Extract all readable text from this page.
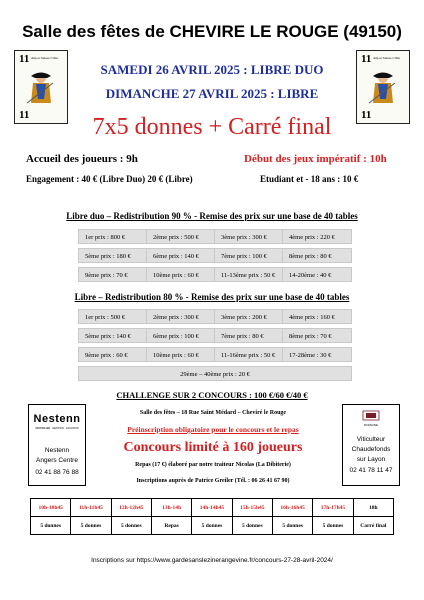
Salle des fêtes de CHEVIRE LE ROUGE (49150)
11 Anjou Suisse Cible
11
11 Anjou Suisse Cible
11
SAMEDI 26 AVRIL 2025 : LIBRE DUO
DIMANCHE 27 AVRIL 2025 : LIBRE
7x5 donnes + Carré final
Accueil des joueurs : 9h	Début des jeux impératif : 10h
Engagement : 40 € (Libre Duo) 20 € (Libre)	Etudiant et - 18 ans : 10 €
Libre duo – Redistribution 90 % - Remise des prix sur une base de 40 tables
1er prix : 800 €	2ème prix : 500 €	3ème prix : 300 €	4ème prix : 220 €
5ème prix : 180 €	6ème prix : 140 €	7ème prix : 100 €	8ème prix : 80 €
9ème prix : 70 €	10ème prix : 60 €	11-13ème prix : 50 €	14-20ème : 40 €
Libre – Redistribution 80 % - Remise des prix sur une base de 40 tables
1er prix : 500 €	2ème prix : 300 €	3ème prix : 200 €	4ème prix : 160 €
5ème prix : 140 €	6ème prix : 100 €	7ème prix : 80 €	8ème prix : 70 €
9ème prix : 60 €	10ème prix : 60 €	11-16ème prix : 50 €	17-28ème : 30 €
29ème – 40ème prix : 20 €
CHALLENGE SUR 2 CONCOURS : 100 €/60 €/40 €
Nestenn
IMMOBILIER · GESTION · LOCATION
Nestenn
Angers Centre
02 41 88 76 88
DOMAINE
Viticulteur
Chaudefonds
sur Layon
02 41 78 11 47
Salle des fêtes – 18 Rue Saint Médard – Cheviré le Rouge
Préinscription obligatoire pour le concours et le repas
Concours limité à 160 joueurs
Repas (17 €) élaboré par notre traiteur Nicolas (La Dibiterie)
Inscriptions auprès de Patrice Greiler (Tél. : 06 26 41 67 90)
10h-10h45	11h-11h45	12h-12h45	13h-14h	14h-14h45	15h-15h45	16h-16h45	17h-17h45	18h
5 donnes	5 donnes	5 donnes	Repas	5 donnes	5 donnes	5 donnes	5 donnes	Carré final
Inscriptions sur https://www.gardesanslezinerangevine.fr/concours-27-28-avril-2024/
